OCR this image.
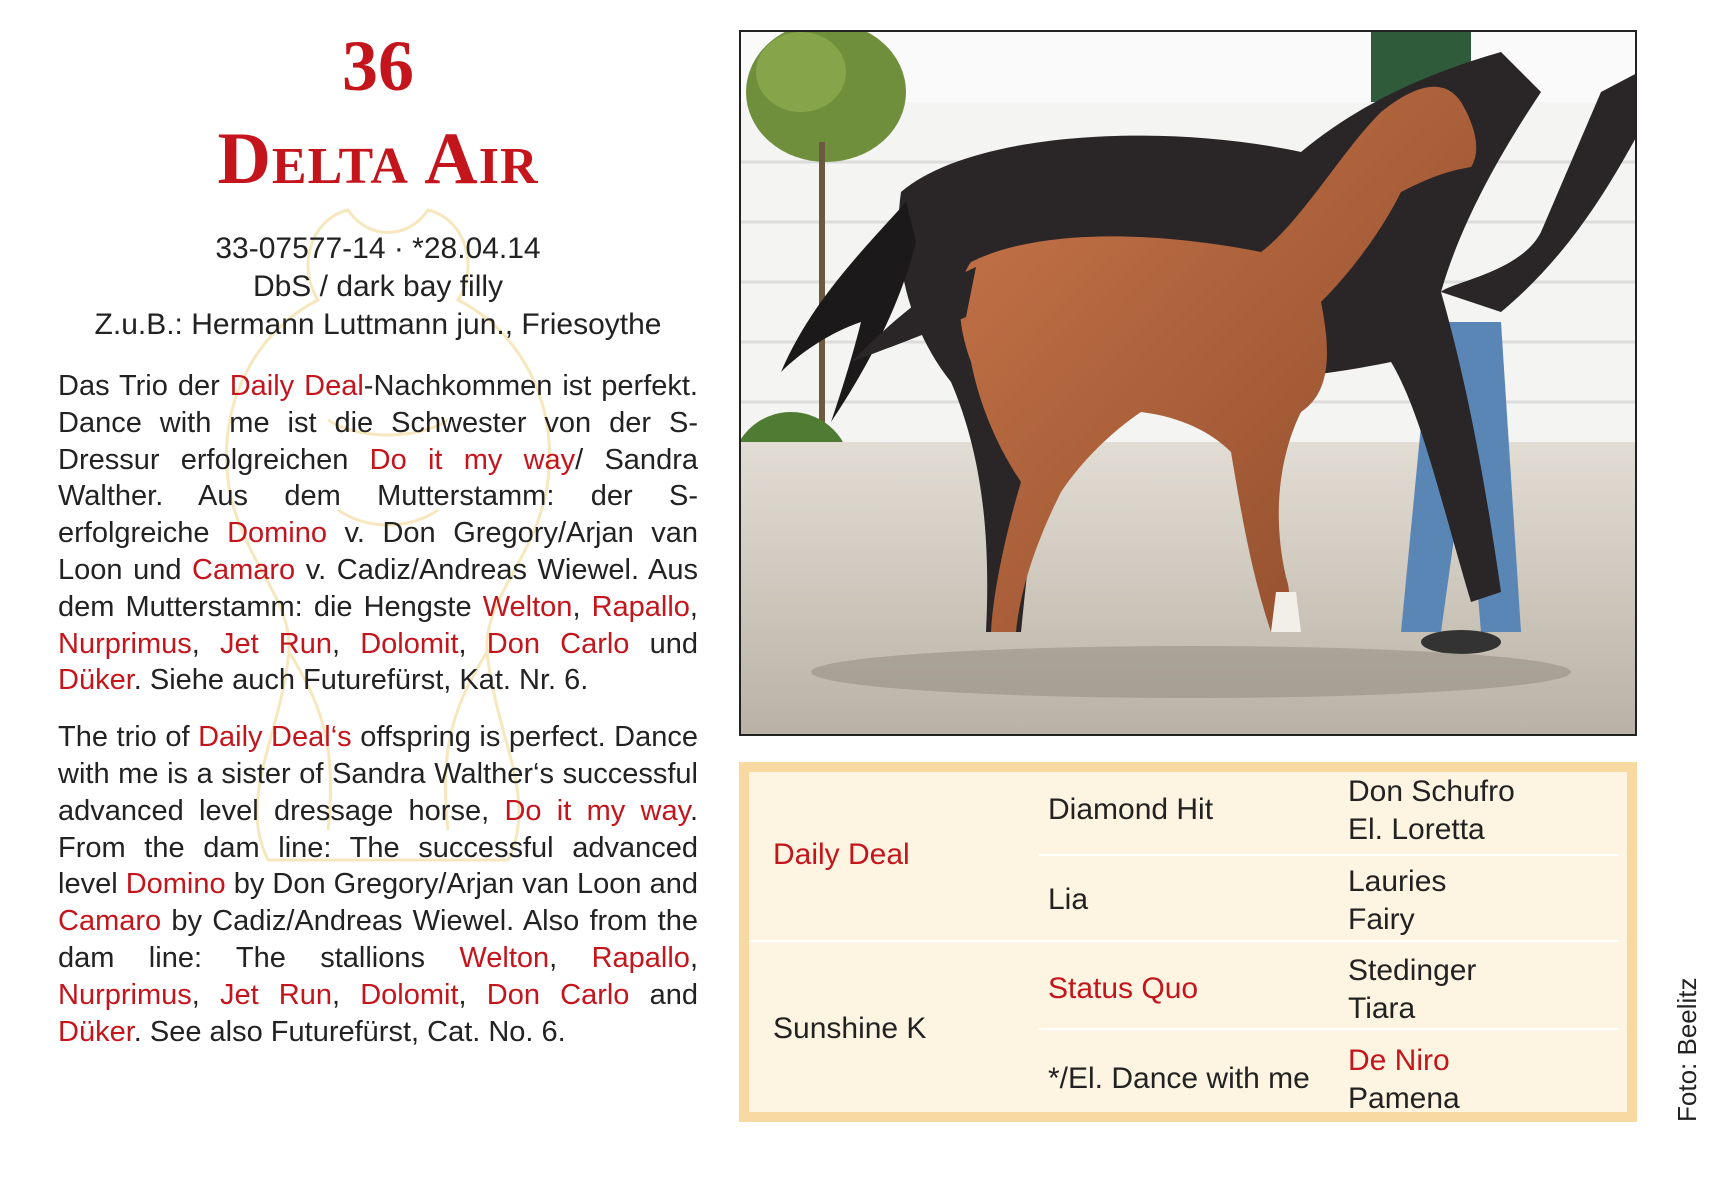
36
Delta Air
33-07577-14 · *28.04.14
DbS / dark bay filly
Z.u.B.: Hermann Luttmann jun., Friesoythe

Das Trio der Daily Deal-Nachkommen ist perfekt. Dance with me ist die Schwester von der S-Dressur erfolgreichen Do it my way/ Sandra Walther. Aus dem Mutterstamm: der S-erfolgreiche Domino v. Don Gregory/Arjan van Loon und Camaro v. Cadiz/Andreas Wiewel. Aus dem Mutterstamm: die Hengste Welton, Rapallo, Nurprimus, Jet Run, Dolomit, Don Carlo und Düker. Siehe auch Futurefürst, Kat. Nr. 6.

The trio of Daily Deal‘s offspring is perfect. Dance with me is a sister of Sandra Walther‘s successful advanced level dressage horse, Do it my way. From the dam line: The successful advanced level Domino by Don Gregory/Arjan van Loon and Camaro by Cadiz/Andreas Wiewel. Also from the dam line: The stallions Welton, Rapallo, Nurprimus, Jet Run, Dolomit, Don Carlo and Düker. See also Futurefürst, Cat. No. 6.

Daily Deal
Sunshine K
Diamond Hit
Lia
Status Quo
*/El. Dance with me
Don Schufro
El. Loretta
Lauries
Fairy
Stedinger
Tiara
De Niro
Pamena	Foto: Beelitz
